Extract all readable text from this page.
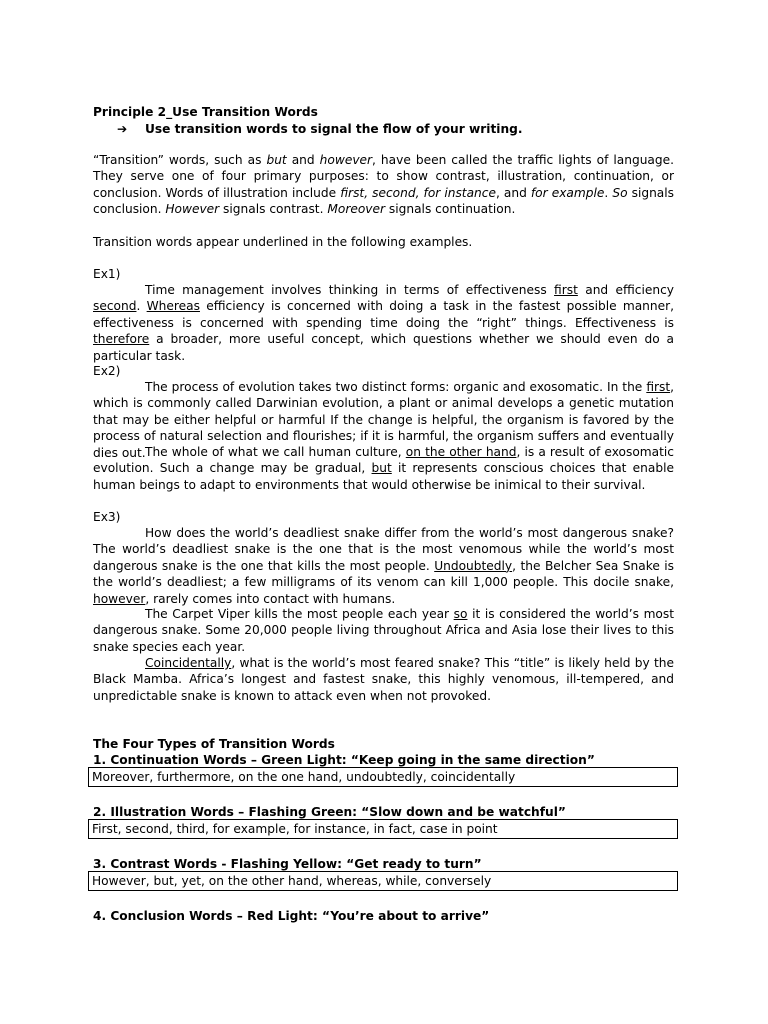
Principle 2_Use Transition Words
➔ Use transition words to signal the flow of your writing.
“Transition” words, such as but and however, have been called the traffic lights of language. They serve one of four primary purposes: to show contrast, illustration, continuation, or conclusion. Words of illustration include first, second, for instance, and for example. So signals conclusion. However signals contrast. Moreover signals continuation.
Transition words appear underlined in the following examples.
Ex1)
Time management involves thinking in terms of effectiveness first and efficiency second. Whereas efficiency is concerned with doing a task in the fastest possible manner, effectiveness is concerned with spending time doing the “right” things. Effectiveness is therefore a broader, more useful concept, which questions whether we should even do a particular task.
Ex2)
The process of evolution takes two distinct forms: organic and exosomatic. In the first, which is commonly called Darwinian evolution, a plant or animal develops a genetic mutation that may be either helpful or harmful If the change is helpful, the organism is favored by the process of natural selection and flourishes; if it is harmful, the organism suffers and eventually dies out. The whole of what we call human culture, on the other hand, is a result of exosomatic evolution. Such a change may be gradual, but it represents conscious choices that enable human beings to adapt to environments that would otherwise be inimical to their survival.
Ex3)
How does the world’s deadliest snake differ from the world’s most dangerous snake? The world’s deadliest snake is the one that is the most venomous while the world’s most dangerous snake is the one that kills the most people. Undoubtedly, the Belcher Sea Snake is the world’s deadliest; a few milligrams of its venom can kill 1,000 people. This docile snake, however, rarely comes into contact with humans.
The Carpet Viper kills the most people each year so it is considered the world’s most dangerous snake. Some 20,000 people living throughout Africa and Asia lose their lives to this snake species each year.
Coincidentally, what is the world’s most feared snake? This “title” is likely held by the Black Mamba. Africa’s longest and fastest snake, this highly venomous, ill-tempered, and unpredictable snake is known to attack even when not provoked.
The Four Types of Transition Words
1. Continuation Words – Green Light: “Keep going in the same direction”
Moreover, furthermore, on the one hand, undoubtedly, coincidentally
2. Illustration Words – Flashing Green: “Slow down and be watchful”
First, second, third, for example, for instance, in fact, case in point
3. Contrast Words - Flashing Yellow: “Get ready to turn”
However, but, yet, on the other hand, whereas, while, conversely
4. Conclusion Words – Red Light: “You’re about to arrive”
